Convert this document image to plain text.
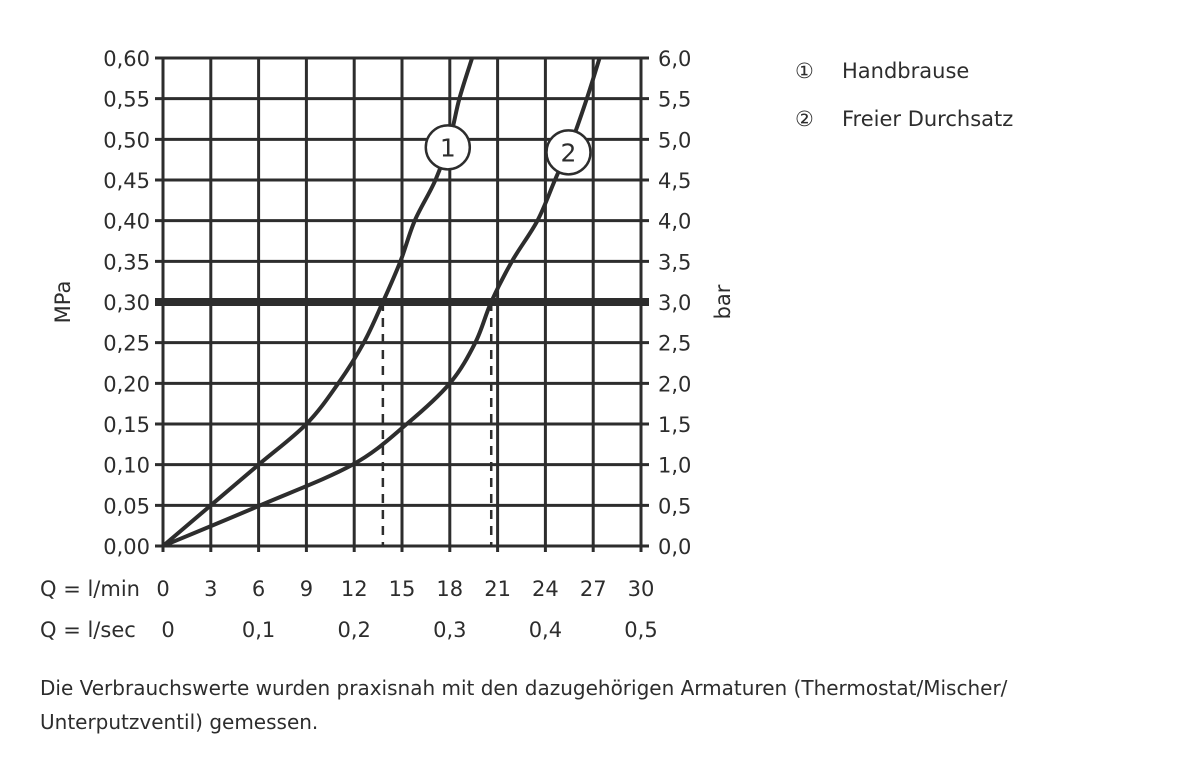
1	2
0 3 6 9 12 15 18 21 24 27 30
0	0,1	0,2	0,3	0,4	0,5
0,00	0,0
0,05	0,5
0,10	1,0
0,15	1,5
0,20	2,0
0,25	2,5
0,30	3,0
0,35	3,5
0,40	4,0
0,45	4,5
0,50	5,0
0,55	5,5
0,60	6,0
Q = l/min
Q = l/sec
MPa	bar
① Handbrause
② Freier Durchsatz
Die Verbrauchswerte wurden praxisnah mit den dazugehörigen Armaturen (Thermostat/Mischer/
Unterputzventil) gemessen.
